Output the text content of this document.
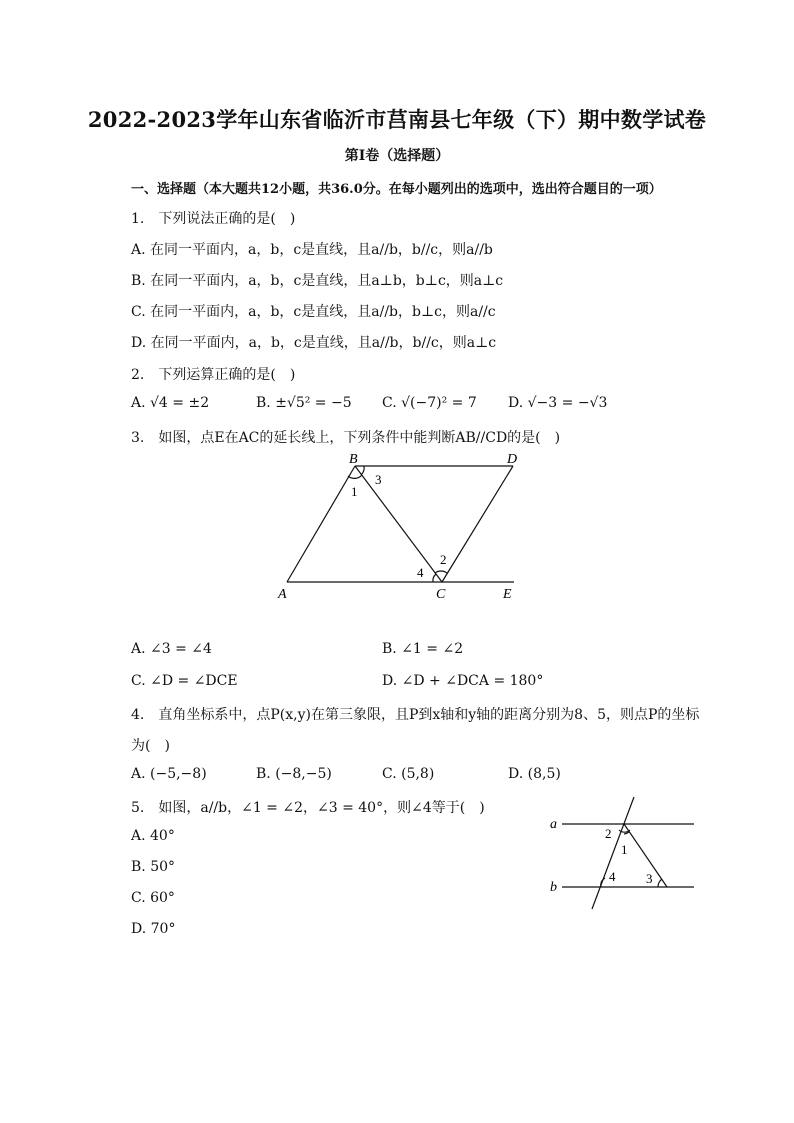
2022-2023学年山东省临沂市莒南县七年级（下）期中数学试卷
第Ⅰ卷（选择题）
一、选择题（本大题共12小题，共36.0分。在每小题列出的选项中，选出符合题目的一项）
1.　下列说法正确的是(　)
A. 在同一平面内，a，b，c是直线，且a//b，b//c，则a//b
B. 在同一平面内，a，b，c是直线，且a⊥b，b⊥c，则a⊥c
C. 在同一平面内，a，b，c是直线，且a//b，b⊥c，则a//c
D. 在同一平面内，a，b，c是直线，且a//b，b//c，则a⊥c
2.　下列运算正确的是(　)
A. √4 = ±2	B. ±√5² = −5 C. √(−7)² = 7 D. √−3 = −√3
3.　如图，点E在AC的延长线上，下列条件中能判断AB//CD的是(　)
B	D
1
3
2
4
A	C	E
A. ∠3 = ∠4	B. ∠1 = ∠2
C. ∠D = ∠DCE	D. ∠D + ∠DCA = 180°
4.　直角坐标系中，点P(x,y)在第三象限，且P到x轴和y轴的距离分别为8、5，则点P的坐标
为(　)
A. (−5,−8)	B. (−8,−5)	C. (5,8)	D. (8,5)
5.　如图，a//b，∠1 = ∠2，∠3 = 40°，则∠4等于(　)
A. 40°
B. 50°
C. 60°
D. 70°
a
b
2
1
4 3
